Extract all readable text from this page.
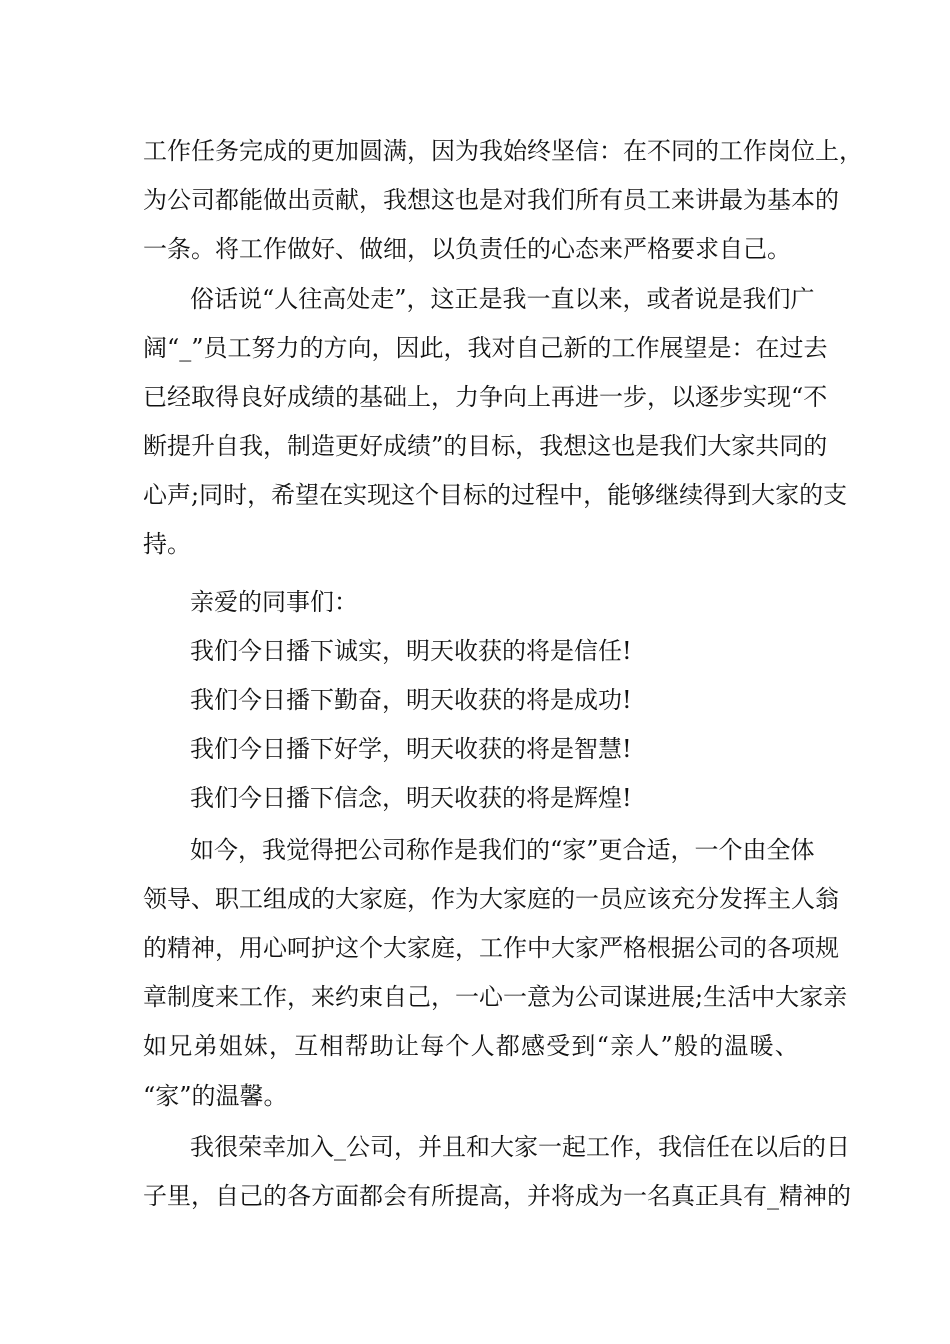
工作任务完成的更加圆满，因为我始终坚信：在不同的工作岗位上，
为公司都能做出贡献，我想这也是对我们所有员工来讲最为基本的
一条。将工作做好、做细，以负责任的心态来严格要求自己。
俗话说“人往高处走”，这正是我一直以来，或者说是我们广
阔“_”员工努力的方向，因此，我对自己新的工作展望是：在过去
已经取得良好成绩的基础上，力争向上再进一步，以逐步实现“不
断提升自我，制造更好成绩”的目标，我想这也是我们大家共同的
心声;同时，希望在实现这个目标的过程中，能够继续得到大家的支
持。
亲爱的同事们：
我们今日播下诚实，明天收获的将是信任!
我们今日播下勤奋，明天收获的将是成功!
我们今日播下好学，明天收获的将是智慧!
我们今日播下信念，明天收获的将是辉煌!
如今，我觉得把公司称作是我们的“家”更合适，一个由全体
领导、职工组成的大家庭，作为大家庭的一员应该充分发挥主人翁
的精神，用心呵护这个大家庭，工作中大家严格根据公司的各项规
章制度来工作，来约束自己，一心一意为公司谋进展;生活中大家亲
如兄弟姐妹，互相帮助让每个人都感受到“亲人”般的温暖、
“家”的温馨。
我很荣幸加入_公司，并且和大家一起工作，我信任在以后的日
子里，自己的各方面都会有所提高，并将成为一名真正具有_精神的
